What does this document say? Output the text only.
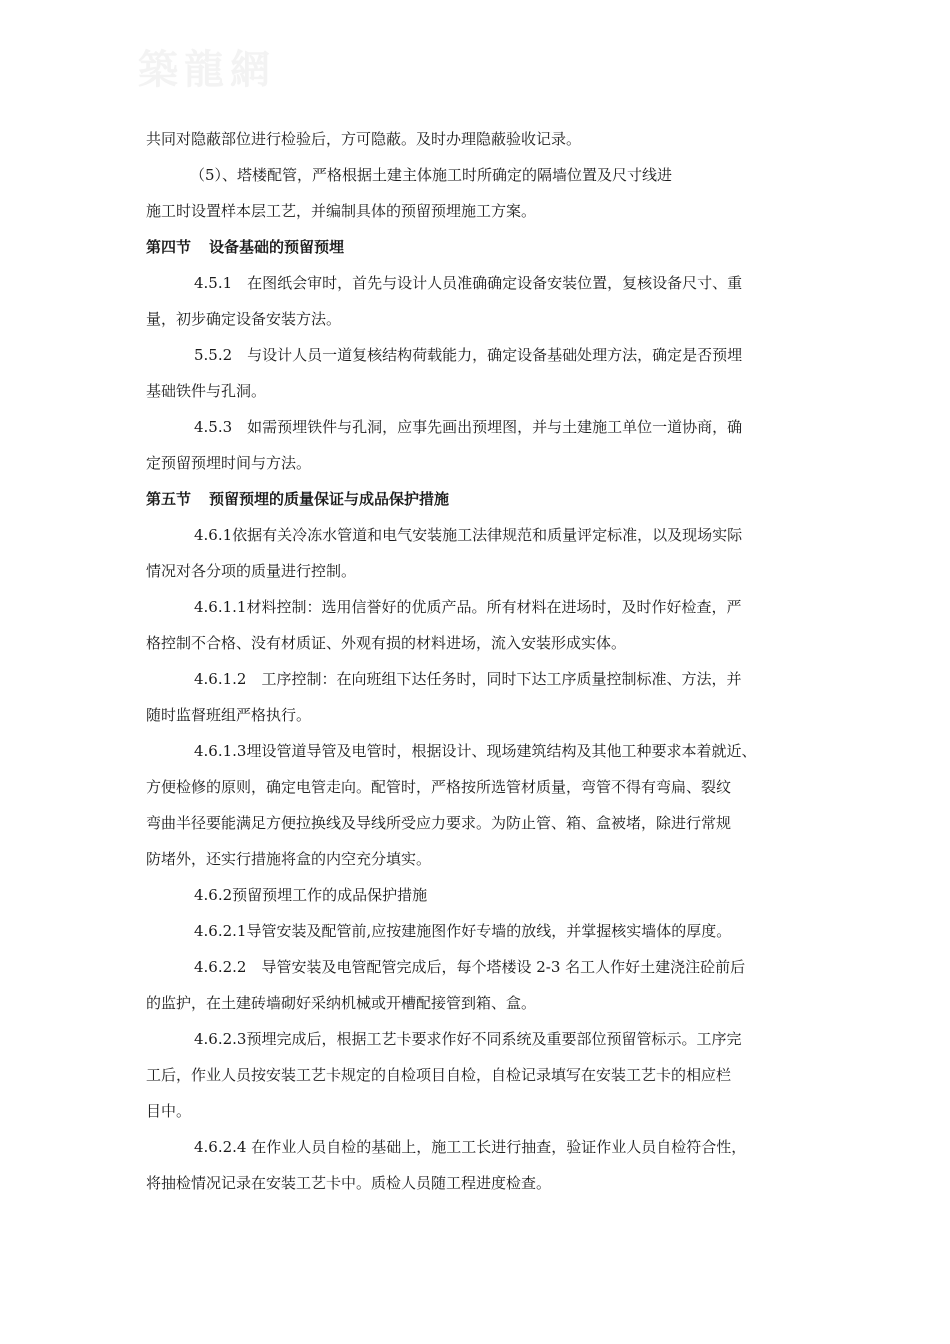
築龍網
共同对隐蔽部位进行检验后，方可隐蔽。及时办理隐蔽验收记录。
（5）、塔楼配管，严格根据土建主体施工时所确定的隔墙位置及尺寸线进
施工时设置样本层工艺，并编制具体的预留预埋施工方案。
第四节 设备基础的预留预埋
4.5.1　在图纸会审时，首先与设计人员准确确定设备安装位置，复核设备尺寸、重
量，初步确定设备安装方法。
5.5.2　与设计人员一道复核结构荷载能力，确定设备基础处理方法，确定是否预埋
基础铁件与孔洞。
4.5.3　如需预埋铁件与孔洞，应事先画出预埋图，并与土建施工单位一道协商，确
定预留预埋时间与方法。
第五节 预留预埋的质量保证与成品保护措施
4.6.1依据有关冷冻水管道和电气安装施工法律规范和质量评定标准，以及现场实际
情况对各分项的质量进行控制。
4.6.1.1材料控制：选用信誉好的优质产品。所有材料在进场时，及时作好检查，严
格控制不合格、没有材质证、外观有损的材料进场，流入安装形成实体。
4.6.1.2　工序控制：在向班组下达任务时，同时下达工序质量控制标准、方法，并
随时监督班组严格执行。
4.6.1.3埋设管道导管及电管时，根据设计、现场建筑结构及其他工种要求本着就近、
方便检修的原则，确定电管走向。配管时，严格按所选管材质量，弯管不得有弯扁、裂纹
弯曲半径要能满足方便拉换线及导线所受应力要求。为防止管、箱、盒被堵，除进行常规
防堵外，还实行措施将盒的内空充分填实。
4.6.2预留预埋工作的成品保护措施
4.6.2.1导管安装及配管前,应按建施图作好专墙的放线，并掌握核实墙体的厚度。
4.6.2.2　导管安装及电管配管完成后，每个塔楼设 2-3 名工人作好土建浇注砼前后
的监护，在土建砖墙砌好采纳机械或开槽配接管到箱、盒。
4.6.2.3预埋完成后，根据工艺卡要求作好不同系统及重要部位预留管标示。工序完
工后，作业人员按安装工艺卡规定的自检项目自检，自检记录填写在安装工艺卡的相应栏
目中。
4.6.2.4 在作业人员自检的基础上，施工工长进行抽查，验证作业人员自检符合性，
将抽检情况记录在安装工艺卡中。质检人员随工程进度检查。
